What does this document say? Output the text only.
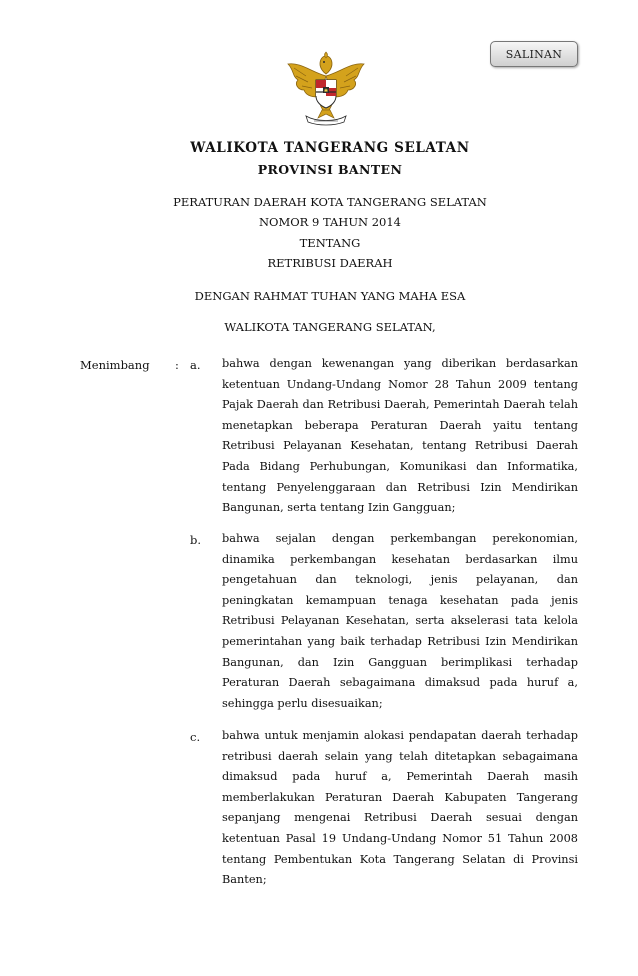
SALINAN
WALIKOTA TANGERANG SELATAN
PROVINSI BANTEN
PERATURAN DAERAH KOTA TANGERANG SELATAN
NOMOR 9 TAHUN 2014
TENTANG
RETRIBUSI DAERAH
DENGAN RAHMAT TUHAN YANG MAHA ESA
WALIKOTA TANGERANG SELATAN,
Menimbang : a. bahwa dengan kewenangan yang diberikan berdasarkan ketentuan Undang-Undang Nomor 28 Tahun 2009 tentang Pajak Daerah dan Retribusi Daerah, Pemerintah Daerah telah menetapkan beberapa Peraturan Daerah yaitu tentang Retribusi Pelayanan Kesehatan, tentang Retribusi Daerah Pada Bidang Perhubungan, Komunikasi dan Informatika, tentang Penyelenggaraan dan Retribusi Izin Mendirikan Bangunan, serta tentang Izin Gangguan;
b. bahwa sejalan dengan perkembangan perekonomian, dinamika perkembangan kesehatan berdasarkan ilmu pengetahuan dan teknologi, jenis pelayanan, dan peningkatan kemampuan tenaga kesehatan pada jenis Retribusi Pelayanan Kesehatan, serta akselerasi tata kelola pemerintahan yang baik terhadap Retribusi Izin Mendirikan Bangunan, dan Izin Gangguan berimplikasi terhadap Peraturan Daerah sebagaimana dimaksud pada huruf a, sehingga perlu disesuaikan;
c. bahwa untuk menjamin alokasi pendapatan daerah terhadap retribusi daerah selain yang telah ditetapkan sebagaimana dimaksud pada huruf a, Pemerintah Daerah masih memberlakukan Peraturan Daerah Kabupaten Tangerang sepanjang mengenai Retribusi Daerah sesuai dengan ketentuan Pasal 19 Undang-Undang Nomor 51 Tahun 2008 tentang Pembentukan Kota Tangerang Selatan di Provinsi Banten;
